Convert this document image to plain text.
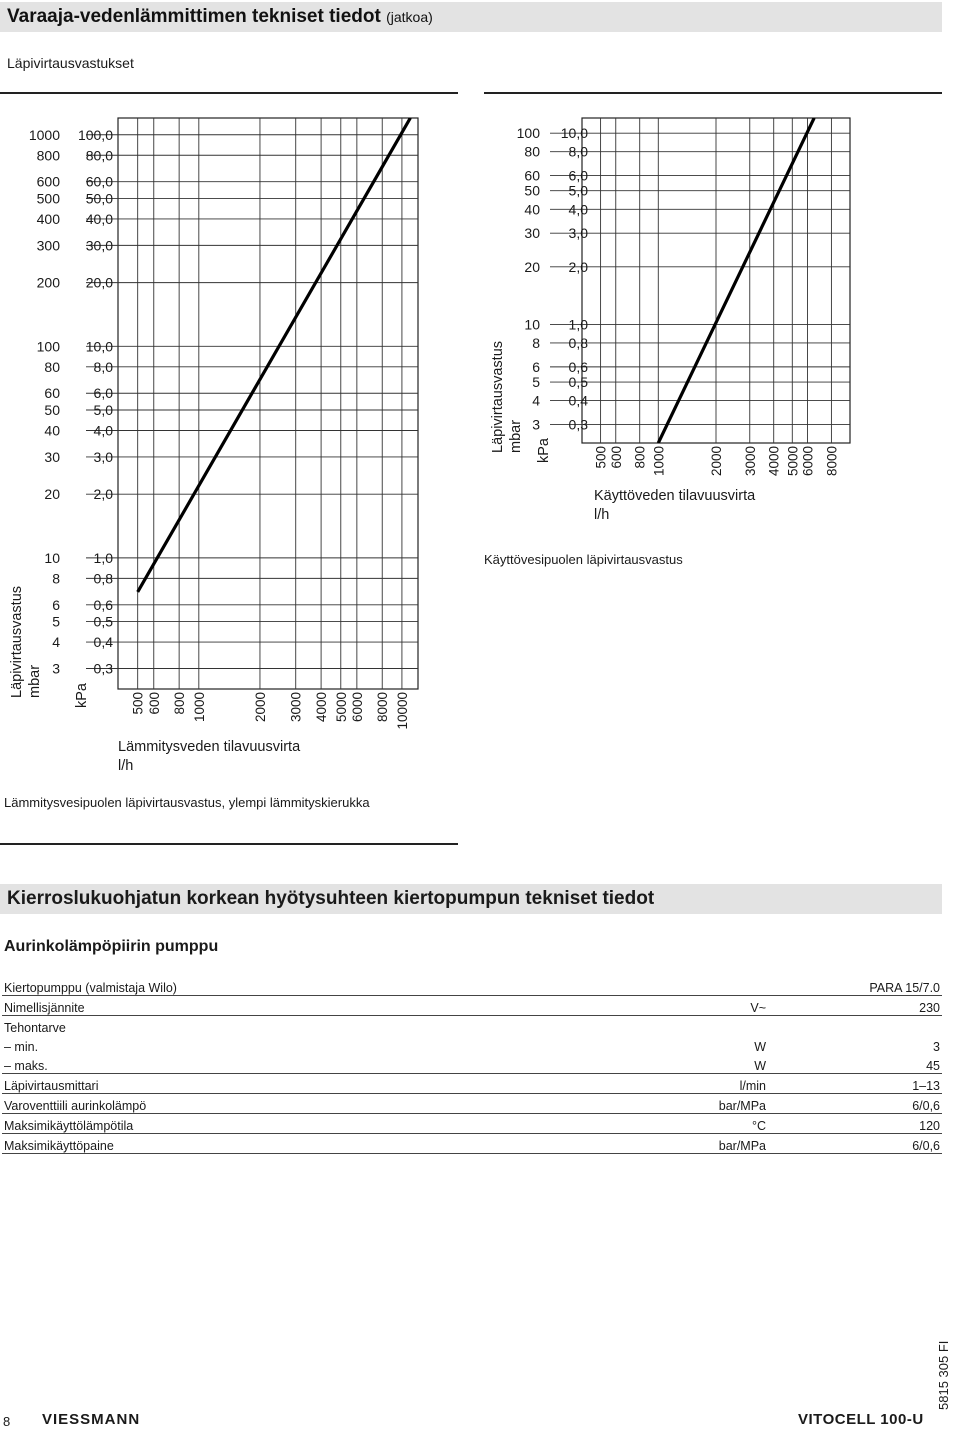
Varaaja-vedenlämmittimen tekniset tiedot (jatkoa)
Läpivirtausvastukset
1000 100,0
800 80,0
600 60,0
500 50,0
400 40,0
300 30,0
200 20,0
100 10,0
80 8,0
60 6,0
50 5,0
40 4,0
30 3,0
20 2,0
10 1,0
8 0,8
6 0,6
5 0,5
4 0,4
3 0,3
500 600 800 1000	2000 3000 4000 5000 6000 8000 10000
Lämmitysveden tilavuusvirta
l/h
Läpivirtausvastus mbar kPa
100 10,0
80 8,0
60 6,0
50 5,0
40 4,0
30 3,0
20 2,0
10 1,0
8 0,8
6 0,6
5 0,5
4 0,4
3 0,3
500 600 800 1000	2000 3000 4000 5000 6000 8000
Käyttöveden tilavuusvirta
l/h
Läpivirtausvastus mbar kPa
Käyttövesipuolen läpivirtausvastus
Lämmitysvesipuolen läpivirtausvastus, ylempi lämmityskierukka
Kierroslukuohjatun korkean hyötysuhteen kiertopumpun tekniset tiedot
Aurinkolämpöpiirin pumppu
Kiertopumppu (valmistaja Wilo)		PARA 15/7.0
Nimellisjännite	V~	230
Tehontarve		
– min.	W	3
– maks.	W	45
Läpivirtausmittari	l/min	1–13
Varoventtiili aurinkolämpö	bar/MPa	6/0,6
Maksimikäyttölämpötila	°C	120
Maksimikäyttöpaine	bar/MPa	6/0,6
8 VIESSMANN	VITOCELL 100-U
5815 305 FI
